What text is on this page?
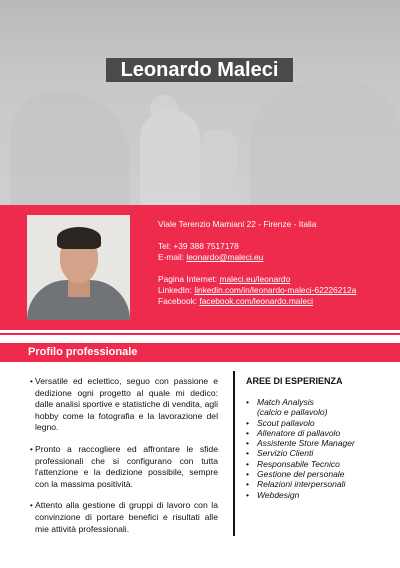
Leonardo Maleci
Viale Terenzio Mamiani 22 - Firenze - Italia
Tel: +39 388 7517178
E-mail: leonardo@maleci.eu
Pagina Internet: maleci.eu/leonardo
LinkedIn: linkedin.com/in/leonardo-maleci-62226212a
Facebook: facebook.com/leonardo.maleci
Profilo professionale
• Versatile ed eclettico, seguo con passione e dedizione ogni progetto al quale mi dedico: dalle analisi sportive e statistiche di vendita, agli hobby come la fotografia e la lavorazione del legno.
• Pronto a raccogliere ed affrontare le sfide professionali che si configurano con tutta l'attenzione e la dedizione possibile, sempre con la massima positività.
• Attento alla gestione di gruppi di lavoro con la convinzione di portare benefici e risultati alle mie attività professionali.
AREE DI ESPERIENZA
• Match Analysis
(calcio e pallavolo)
• Scout pallavolo
• Allenatore di pallavolo
• Assistente Store Manager
• Servizio Clienti
• Responsabile Tecnico
• Gestione del personale
• Relazioni interpersonali
• Webdesign
